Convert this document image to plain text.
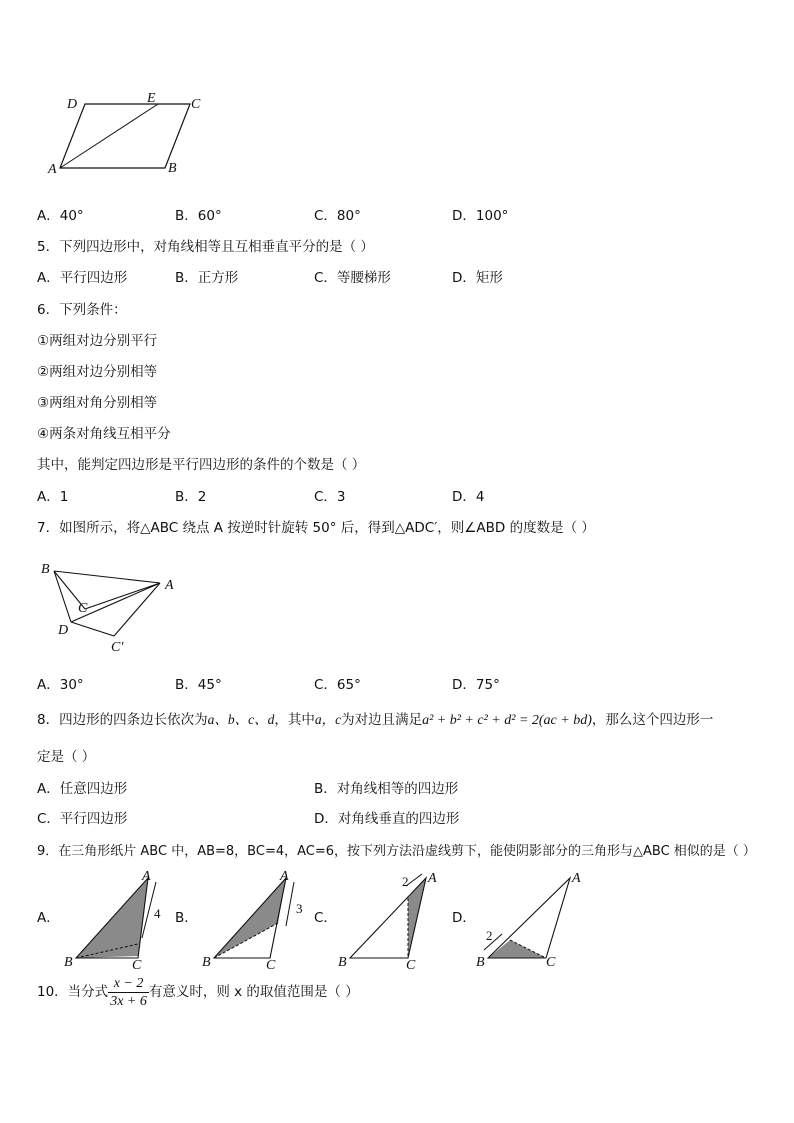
D	E	C
A	B
A．40°	B．60°	C．80°	D．100°
5．下列四边形中，对角线相等且互相垂直平分的是（ ）
A．平行四边形	B．正方形	C．等腰梯形	D．矩形
6．下列条件：
①两组对边分别平行
②两组对边分别相等
③两组对角分别相等
④两条对角线互相平分
其中，能判定四边形是平行四边形的条件的个数是（ ）
A．1	B．2	C．3	D．4
7．如图所示，将△ABC 绕点 A 按逆时针旋转 50° 后，得到△ADC′，则∠ABD 的度数是（ ）
B
A
C
D
C′
A．30°	B．45°	C．65°	D．75°
8．四边形的四条边长依次为a、b、c、d，其中a，c为对边且满足a² + b² + c² + d² = 2(ac + bd)，那么这个四边形一
定是（ ）
A．任意四边形	B．对角线相等的四边形
C．平行四边形	D．对角线垂直的四边形
9．在三角形纸片 ABC 中，AB=8，BC=4，AC=6，按下列方法沿虚线剪下，能使阴影部分的三角形与△ABC 相似的是（ ）
A．
A
B	C
4 B．
A
B	C
3
C．
A
B	C
2
D．
A
B	C
2
10．当分式 $\frac{x - 2}{3x + 6}$ 有意义时，则 x 的取值范围是（ ）
